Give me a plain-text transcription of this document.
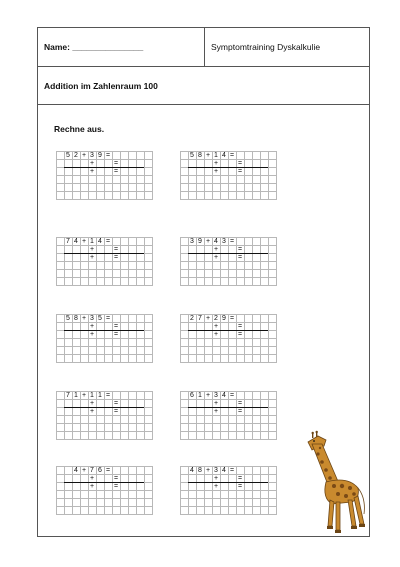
Name: _______________	Symptomtraining Dyskalkulie
Addition im Zahlenraum 100
Rechne aus.
5 2 + 3 9 =
+	=
+	=
5 8 + 1 4 =
+	=
+	=
7 4 + 1 4 =
+	=
+	=
3 9 + 4 3 =
+	=
+	=
5 8 + 3 5 =
+	=
+	=
2 7 + 2 9 =
+	=
+	=
7 1 + 1 1 =
+	=
+	=
6 1 + 3 4 =
+	=
+	=
4 + 7 6 =
+	=
+	=
4 8 + 3 4 =
+	=
+	=
